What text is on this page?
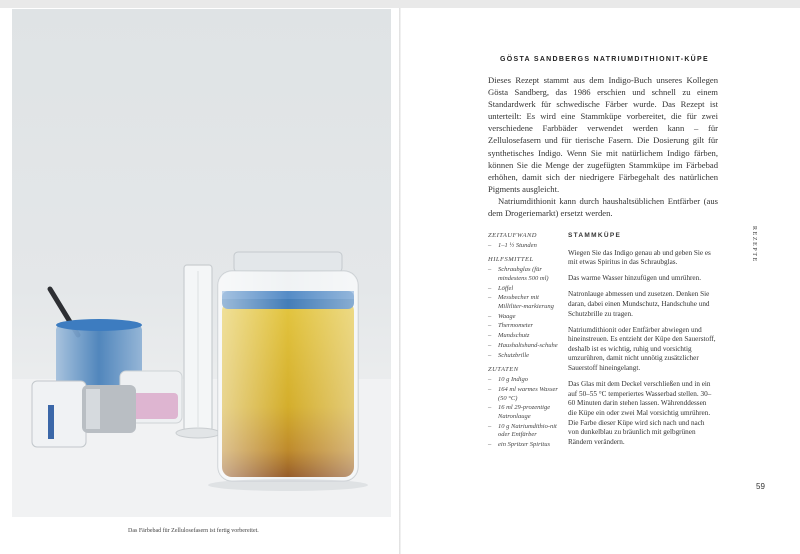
Das Färbebad für Zellulosefasern ist fertig vorbereitet.
GÖSTA SANDBERGS NATRIUMDITHIONIT-KÜPE

Dieses Rezept stammt aus dem Indigo-Buch unseres Kollegen Gösta Sandberg, das 1986 erschien und schnell zu einem Standardwerk für schwedische Färber wurde. Das Rezept ist unterteilt: Es wird eine Stammküpe vorbereitet, die für zwei verschiedene Farbbäder verwendet werden kann – für Zellulosefasern und für tierische Fasern. Die Dosierung gilt für synthetisches Indigo. Wenn Sie mit natürlichem Indigo färben, können Sie die Menge der zugefügten Stammküpe im Färbebad erhöhen, damit sich der niedrigere Färbegehalt des natürlichen Pigments ausgleicht.

Natriumdithionit kann durch haushaltsüblichen Entfärber (aus dem Drogeriemarkt) ersetzt werden.

ZEITAUFWAND
–	1–1 ½ Stunden
HILFSMITTEL
–	Schraubglas (für mindestens 500 ml)
–	Löffel
–	Messbecher mit Milliliter-markierung
–	Waage
–	Thermometer
–	Mundschutz
–	Haushaltshand-schuhe
–	Schutzbrille
ZUTATEN
–	10 g Indigo
–	164 ml warmes Wasser (50 °C)
–	16 ml 29-prozentige Natronlauge
–	10 g Natriumdithio-nit oder Entfärber
–	ein Spritzer Spiritus
STAMMKÜPE

Wiegen Sie das Indigo genau ab und geben Sie es mit etwas Spiritus in das Schraubglas.

Das warme Wasser hinzufügen und umrühren.

Natronlauge abmessen und zusetzen. Denken Sie daran, dabei einen Mundschutz, Handschuhe und Schutzbrille zu tragen.

Natriumdithionit oder Entfärber abwiegen und hineinstreuen. Es entzieht der Küpe den Sauerstoff, deshalb ist es wichtig, ruhig und vorsichtig umzurühren, damit nicht unnötig zusätzlicher Sauerstoff hineingelangt.

Das Glas mit dem Deckel verschließen und in ein auf 50–55 °C temperiertes Wasserbad stellen. 30–60 Minuten darin stehen lassen. Währenddessen die Küpe ein oder zwei Mal vorsichtig umrühren. Die Farbe dieser Küpe wird sich nach und nach von dunkelblau zu bräunlich mit gelbgrünen Rändern verändern.

REZEPTE
59
